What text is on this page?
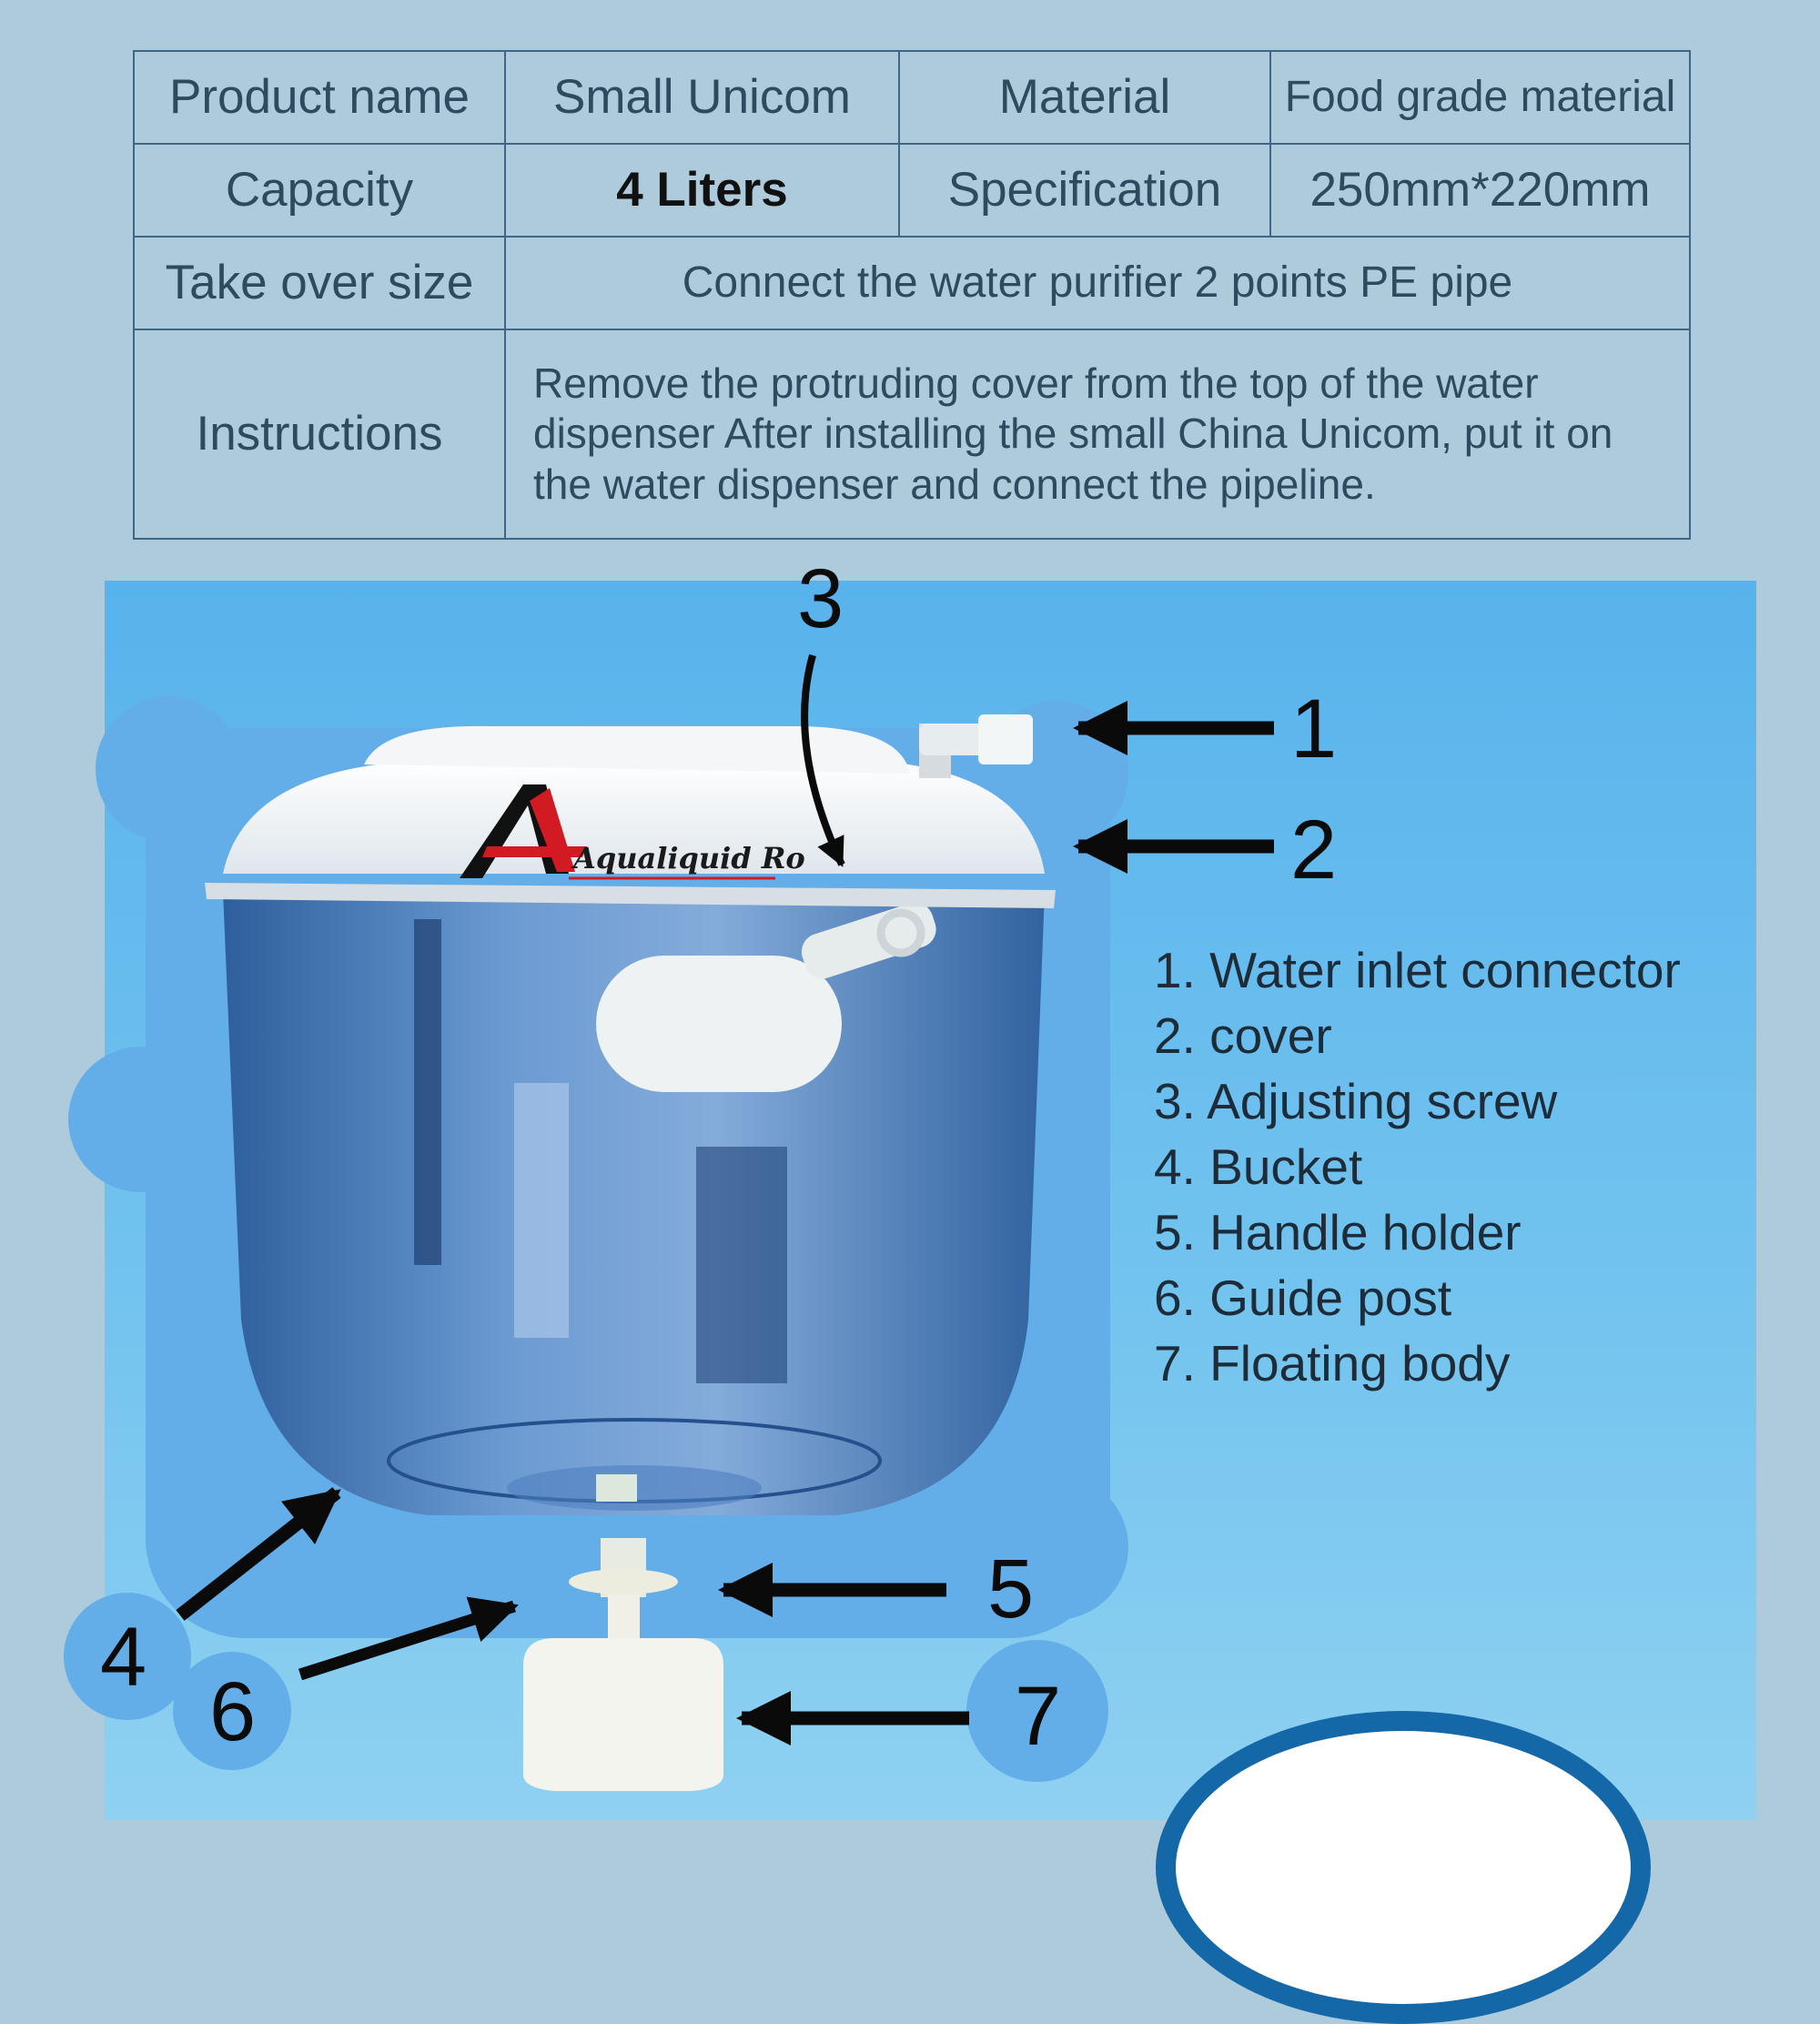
Product name	Small Unicom	Material	Food grade material
Capacity	4 Liters	Specification	250mm*220mm
Take over size	Connect the water purifier 2 points PE pipe		
Instructions	Remove the protruding cover from the top of the water dispenser After installing the small China Unicom, put it on the water dispenser and connect the pipeline.		
Aqualiquid Ro
1
2
3
4
5
6	7
1. Water inlet connector
2. cover
3. Adjusting screw
4. Bucket
5. Handle holder
6. Guide post
7. Floating body
